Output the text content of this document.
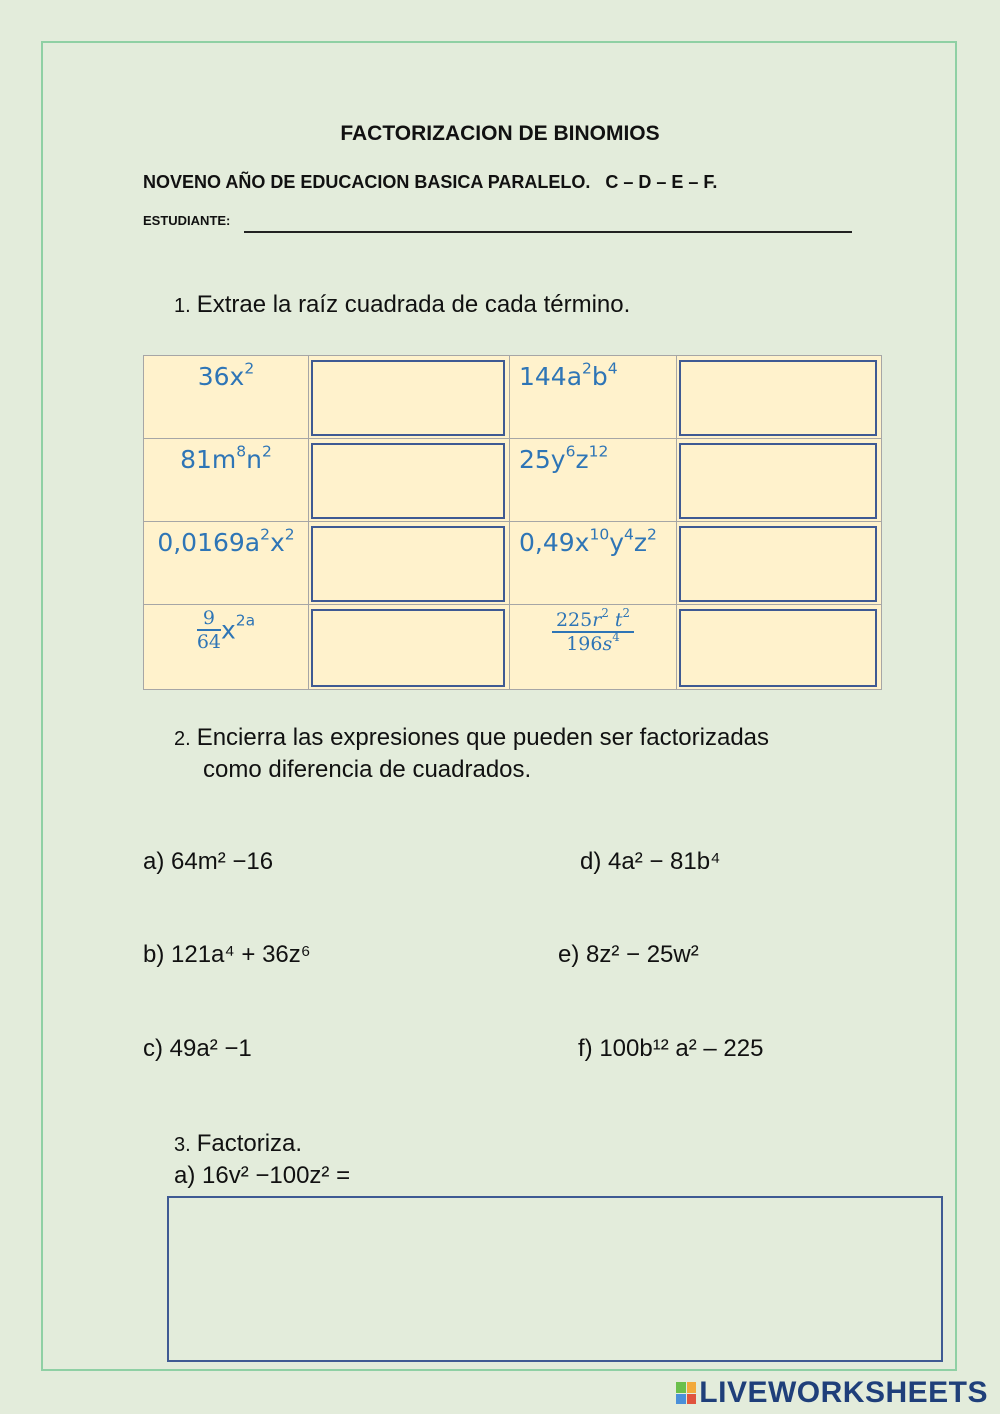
FACTORIZACION DE BINOMIOS
NOVENO AÑO DE EDUCACION BASICA PARALELO.   C – D – E – F.
ESTUDIANTE:
1. Extrae la raíz cuadrada de cada término.
$36x^2$		$144a^2b^4$

$81m^8n^2$		$25y^6z^{12}$

$0,0169a^2x^2$		$0,49x^{10}y^4z^2$

$\frac{9}{64} x^{2a}$		$\frac{225r^2 t^2}{196s^4}$

2. Encierra las expresiones que pueden ser factorizadas
como diferencia de cuadrados.
a) 64m² −16	d) 4a² − 81b⁴
b) 121a⁴ + 36z⁶	e) 8z² − 25w²
c) 49a² −1	f) 100b¹² a² – 225
3. Factoriza.
a) 16v² −100z² =
LIVEWORKSHEETS
